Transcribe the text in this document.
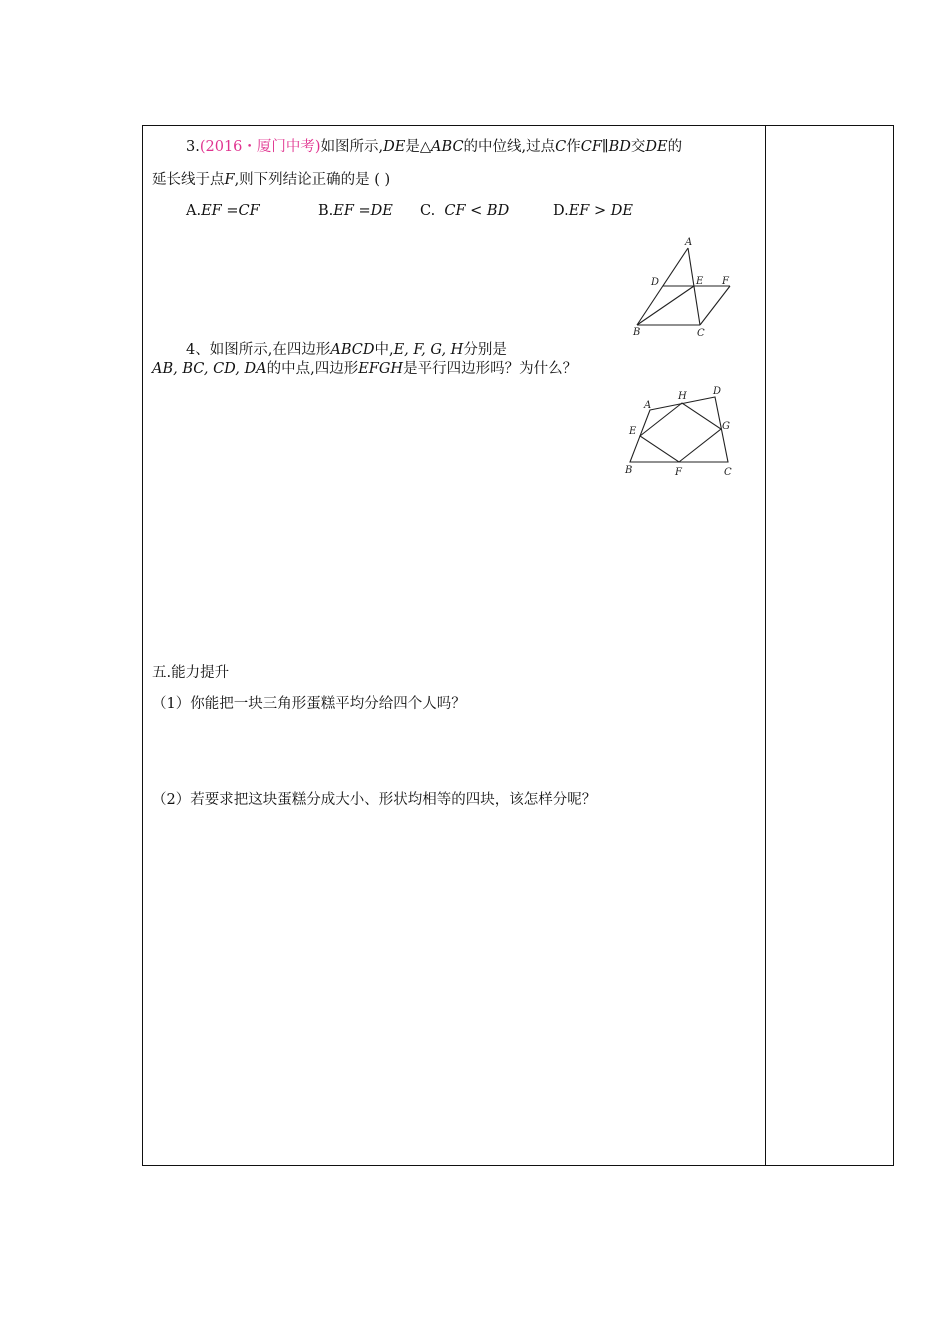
3.(2016・厦门中考)如图所示,DE是△ABC的中位线,过点C作CF∥BD交DE的
延长线于点F,则下列结论正确的是 ( )
A.EF =CF	B.EF =DE C. CF < BD	D.EF > DE
A
D	E F
B	C
4、如图所示,在四边形ABCD中,E, F, G, H分别是
AB, BC, CD, DA的中点,四边形EFGH是平行四边形吗？为什么？
A
H	D
E	G
B	F	C
五.能力提升
（1）你能把一块三角形蛋糕平均分给四个人吗？
（2）若要求把这块蛋糕分成大小、形状均相等的四块，该怎样分呢？
